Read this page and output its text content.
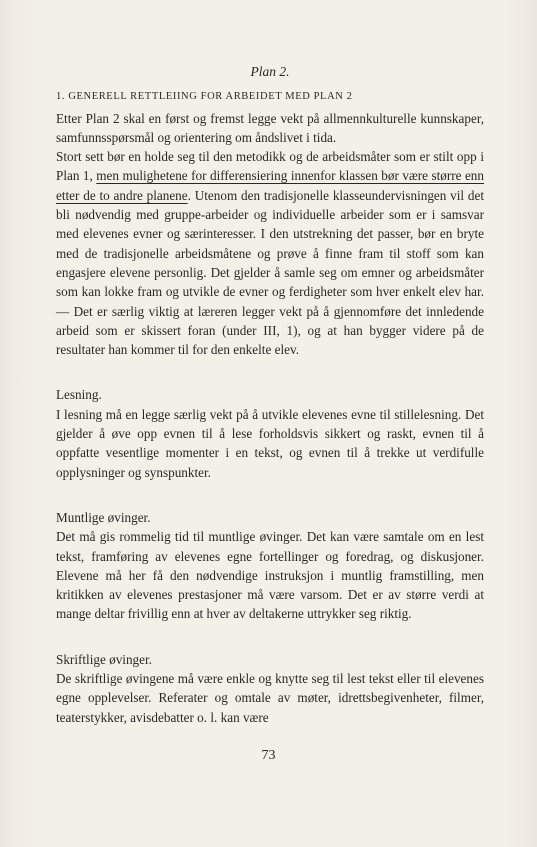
Plan 2.
1. GENERELL RETTLEIING FOR ARBEIDET MED PLAN 2

Etter Plan 2 skal en først og fremst legge vekt på allmennkulturelle kunnskaper, samfunnsspørsmål og orientering om åndslivet i tida.

Stort sett bør en holde seg til den metodikk og de arbeidsmåter som er stilt opp i Plan 1, men mulighetene for differensiering innenfor klassen bør være større enn etter de to andre planene. Utenom den tradisjonelle klasseundervisningen vil det bli nødvendig med gruppe-arbeider og individuelle arbeider som er i samsvar med elevenes evner og særinteresser. I den utstrekning det passer, bør en bryte med de tradisjonelle arbeidsmåtene og prøve å finne fram til stoff som kan engasjere elevene personlig. Det gjelder å samle seg om emner og arbeidsmåter som kan lokke fram og utvikle de evner og ferdigheter som hver enkelt elev har. — Det er særlig viktig at læreren legger vekt på å gjennomføre det innledende arbeid som er skissert foran (under III, 1), og at han bygger videre på de resultater han kommer til for den enkelte elev.

Lesning.

I lesning må en legge særlig vekt på å utvikle elevenes evne til stillelesning. Det gjelder å øve opp evnen til å lese forholdsvis sikkert og raskt, evnen til å oppfatte vesentlige momenter i en tekst, og evnen til å trekke ut verdifulle opplysninger og synspunkter.

Muntlige øvinger.

Det må gis rommelig tid til muntlige øvinger. Det kan være samtale om en lest tekst, framføring av elevenes egne fortellinger og foredrag, og diskusjoner. Elevene må her få den nødvendige instruksjon i muntlig framstilling, men kritikken av elevenes prestasjoner må være varsom. Det er av større verdi at mange deltar frivillig enn at hver av deltakerne uttrykker seg riktig.

Skriftlige øvinger.

De skriftlige øvingene må være enkle og knytte seg til lest tekst eller til elevenes egne opplevelser. Referater og omtale av møter, idrettsbegivenheter, filmer, teaterstykker, avisdebatter o. l. kan være

73
